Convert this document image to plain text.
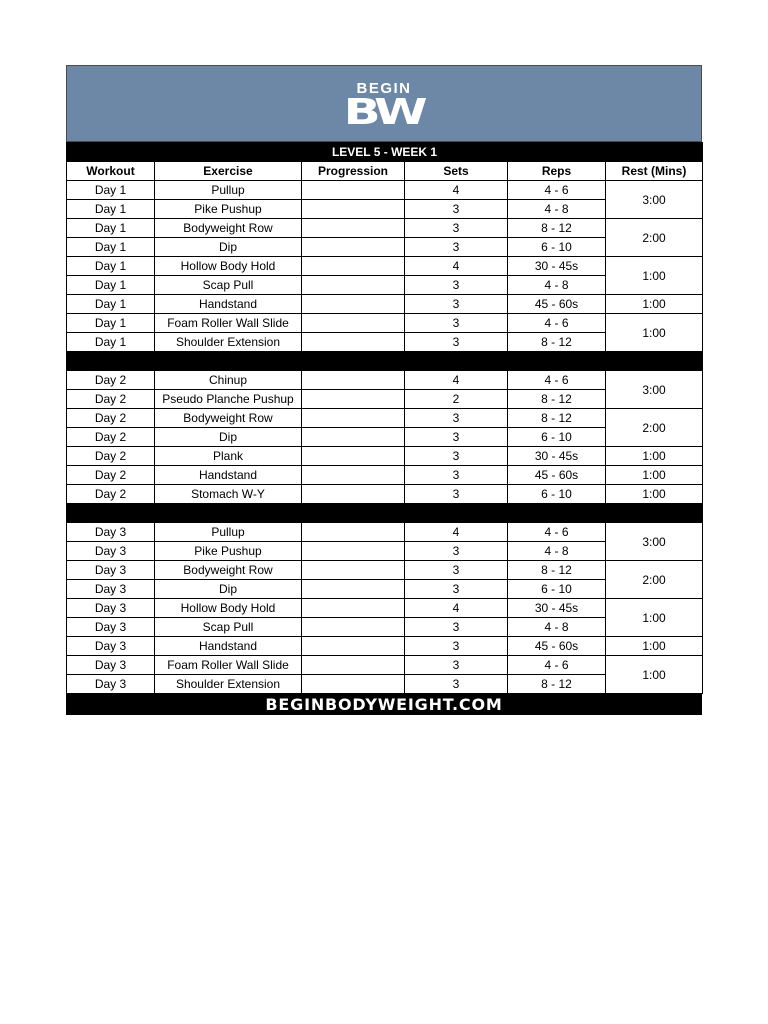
BEGIN
BW
LEVEL 5 - WEEK 1					
Workout	Exercise	Progression	Sets	Reps	Rest (Mins)
Day 1	Pullup		4	4 - 6	3:00
Day 1	Pike Pushup		3	4 - 8	
Day 1	Bodyweight Row		3	8 - 12	2:00
Day 1	Dip		3	6 - 10	
Day 1	Hollow Body Hold		4	30 - 45s	1:00
Day 1	Scap Pull		3	4 - 8	
Day 1	Handstand		3	45 - 60s	1:00
Day 1	Foam Roller Wall Slide		3	4 - 6	1:00
Day 1	Shoulder Extension		3	8 - 12	

Day 2	Chinup		4	4 - 6	3:00
Day 2	Pseudo Planche Pushup		2	8 - 12	
Day 2	Bodyweight Row		3	8 - 12	2:00
Day 2	Dip		3	6 - 10	
Day 2	Plank		3	30 - 45s	1:00
Day 2	Handstand		3	45 - 60s	1:00
Day 2	Stomach W-Y		3	6 - 10	1:00

Day 3	Pullup		4	4 - 6	3:00
Day 3	Pike Pushup		3	4 - 8	
Day 3	Bodyweight Row		3	8 - 12	2:00
Day 3	Dip		3	6 - 10	
Day 3	Hollow Body Hold		4	30 - 45s	1:00
Day 3	Scap Pull		3	4 - 8	
Day 3	Handstand		3	45 - 60s	1:00
Day 3	Foam Roller Wall Slide		3	4 - 6	1:00
Day 3	Shoulder Extension		3	8 - 12	
BEGINBODYWEIGHT.COM
